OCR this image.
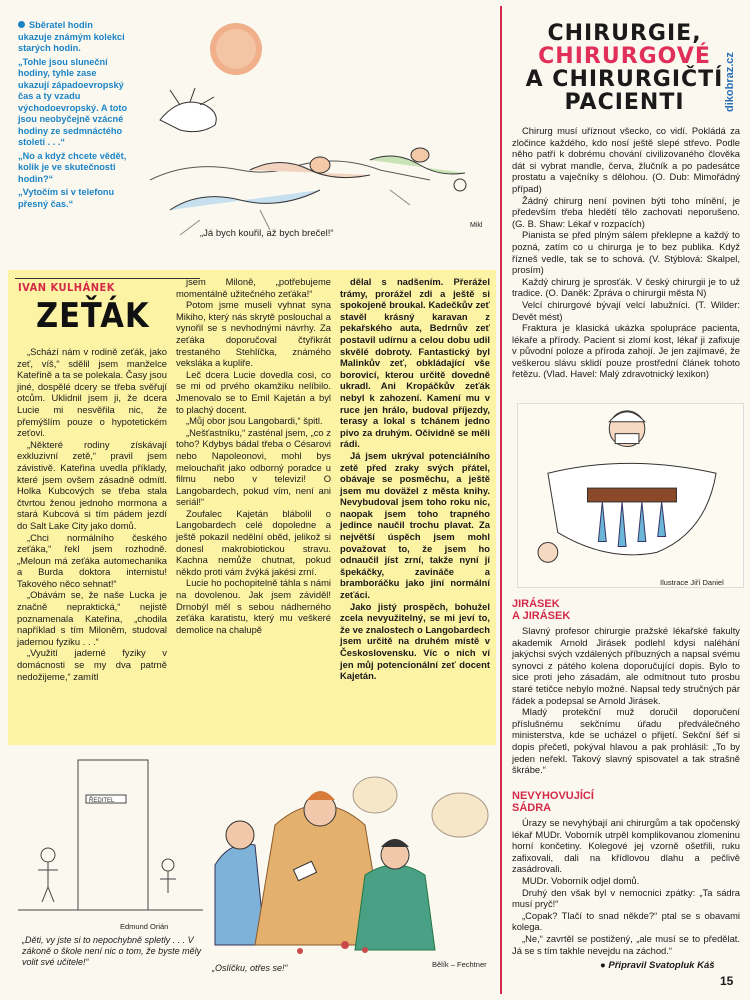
Sběratel hodin ukazuje známým kolekci starých hodin.

„Tohle jsou sluneční hodiny, tyhle zase ukazují západoevropský čas a ty vzadu východoevropský. A toto jsou neobyčejně vzácné hodiny ze sedmnáctého století . . .“

„No a když chcete vědět, kolik je ve skutečnosti hodin?“

„Vytočím si v telefonu přesný čas.“

„Já bych kouřil, až bych brečel!“
Mikl
IVAN KULHÁNEK
ZEŤÁK

„Schází nám v rodině zeťák, jako zeť, víš,“ sdělil jsem manželce Kateřině a ta se polekala. Časy jsou jiné, dospělé dcery se třeba svěřují otcům. Uklidnil jsem ji, že dcera Lucie mi nesvěřila nic, že přemýšlím pouze o hypotetickém zeťovi.

„Některé rodiny získávají exkluzivní zetě,“ pravil jsem závistivě. Kateřina uvedla příklady, které jsem ovšem zásadně odmítl. Holka Kubcových se třeba stala čtvrtou ženou jednoho mormona a stará Kubcová si tím pádem jezdí do Salt Lake City jako domů.

„Chci normálního českého zeťáka,“ řekl jsem rozhodně. „Meloun má zeťáka automechanika a Burda doktora internistu! Takového něco sehnat!“

„Obávám se, že naše Lucka je značně nepraktická,“ nejistě poznamenala Kateřina, „chodila například s tím Miloněm, studoval jadernou fyziku . . .“

„Využití jaderné fyziky v domácnosti se my dva patrně nedožijeme,“ zamítl

jsem Miloně, „potřebujeme momentálně užitečného zeťáka!“

Potom jsme museli vyhnat syna Mikiho, který nás skrytě poslouchal a vynořil se s nevhodnými návrhy. Za zeťáka doporučoval čtyřikrát trestaného Stehlíčka, známého veksláka a kupliře.

Leč dcera Lucie dovedla cosi, co se mi od prvého okamžiku nelíbilo. Jmenovalo se to Emil Kajetán a byl to plachý docent.

„Můj obor jsou Langobardi,“ špitl.

„Nešťastníku,“ zasténal jsem, „co z toho? Kdybys bádal třeba o Césarovi nebo Napoleonovi, mohl bys melouchařit jako odborný poradce u filmu nebo v televizi! O Langobardech, pokud vím, není ani seriál!“

Zoufalec Kajetán blábolil o Langobardech celé dopoledne a ještě pokazil nedělní oběd, jelikož si donesl makrobiotickou stravu. Kachna nemůže chutnat, pokud někdo proti vám žvýká jakési zrní.

Lucie ho pochopitelně táhla s námi na dovolenou. Jak jsem záviděl! Drnobýl měl s sebou nádherného zeťáka karatistu, který mu veškeré demolice na chalupě

dělal s nadšením. Přerážel trámy, prorážel zdi a ještě si spokojeně broukal. Kadečkův zeť stavěl krásný karavan z pekařského auta, Bedrnův zeť postavil udírnu a celou dobu udil skvělé dobroty. Fantastický byl Malinkův zeť, obkládající vše borovicí, kterou určitě dovedně ukradl. Ani Kropáčkův zeťák nebyl k zahození. Kamení mu v ruce jen hrálo, budoval příjezdy, terasy a lokal s tchánem jedno pivo za druhým. Očividně se měli rádi.

Já jsem ukrýval potenciálního zetě před zraky svých přátel, obávaje se posměchu, a ještě jsem mu doväžel z města knihy. Nevybudoval jsem toho roku nic, naopak jsem toho trapného jedince naučil trochu plavat. Za největší úspěch jsem mohl považovat to, že jsem ho odnaučil jíst zrní, takže nyní jí špekáčky, zavináče a bramboráčku jako jiní normální zeťáci.

Jako jistý prospěch, bohužel zcela nevyužitelný, se mi jeví to, že ve znalostech o Langobardech jsem určitě na druhém místě v Československu. Víc o nich ví jen můj potencionální zeť docent Kajetán.

ŘEDITEL
Edmund Orián
„Děti, vy jste si to nepochybně spletly . . . V zákoně o škole není nic o tom, že byste měly volit své učitele!“	Bělík – Fechtner
„Oslíčku, otřes se!“
dikobraz.cz
CHIRURGIE,
CHIRURGOVÉ
A CHIRURGIČTÍ
PACIENTI

Chirurg musí uříznout všecko, co vidí. Pokládá za zločince každého, kdo nosí ještě slepé střevo. Podle něho patří k dobrému chování civilizovaného člověka dát si vybrat mandle, červa, žlučník a po padesátce prostatu a vaječníky s dělohou. (O. Dub: Mimořádný případ)

Žádný chirurg není povinen býti toho mínění, je především třeba hledětí tělo zachovati neporušeno. (G. B. Shaw: Lékař v rozpacích)

Pianista se před plným sálem překlepne a každý to pozná, zatím co u chirurga je to bez publika. Když řízneš vedle, tak se to schová. (V. Stýblová: Skalpel, prosím)

Každý chirurg je sprosťák. V český chirurgii je to už tradice. (O. Daněk: Zpráva o chirurgii města N)

Velcí chirurgové bývají velcí labužníci. (T. Wilder: Devět mést)

Fraktura je klasická ukázka spolupráce pacienta, lékaře a přírody. Pacient si zlomí kost, lékař ji zafixuje v původní poloze a příroda zahojí. Je jen zajímavé, že veškerou slávu sklidí pouze prostřední článek tohoto řetězu. (Vlad. Havel: Malý zdravotnický lexikon)

Ilustrace Jiří Daniel
JIRÁSEK
A JIRÁSEK

Slavný profesor chirurgie pražské lékařské fakulty akademik Arnold Jirásek podlehl kdysi naléhání jakýchsi svých vzdálených příbuzných a napsal svému synovci z pátého kolena doporučující dopis. Bylo to sice proti jeho zásadám, ale odmítnout tuto prosbu staré tetičce nebylo možné. Napsal tedy stručných pár řádek a podepsal se Arnold Jirásek.

Mladý protekční muž doručil doporučení příslušnému sekčnímu úřadu předválečného ministerstva, kde se ucházel o přijetí. Sekční šéf si dopis přečetl, pokýval hlavou a pak prohlásil: „To by jeden neřekl. Takový slavný spisovatel a tak strašně škrábe.“

NEVYHOVUJÍCÍ
SÁDRA

Úrazy se nevyhýbají ani chirurgům a tak opočenský lékař MUDr. Voborník utrpěl komplikovanou zlomeninu horní končetiny. Kolegové jej vzorně ošetřili, ruku zafixovali, dali na křídlovou dlahu a pečlivě zasádrovali.

MUDr. Voborník odjel domů.

Druhý den však byl v nemocnici zpátky: „Ta sádra musí pryč!“

„Copak? Tlačí to snad někde?“ ptal se s obavami kolega.

„Ne,“ zavrtěl se postižený, „ale musí se to předělat. Já se s tím takhle nevejdu na záchod.“

● Připravil Svatopluk Káš
15
